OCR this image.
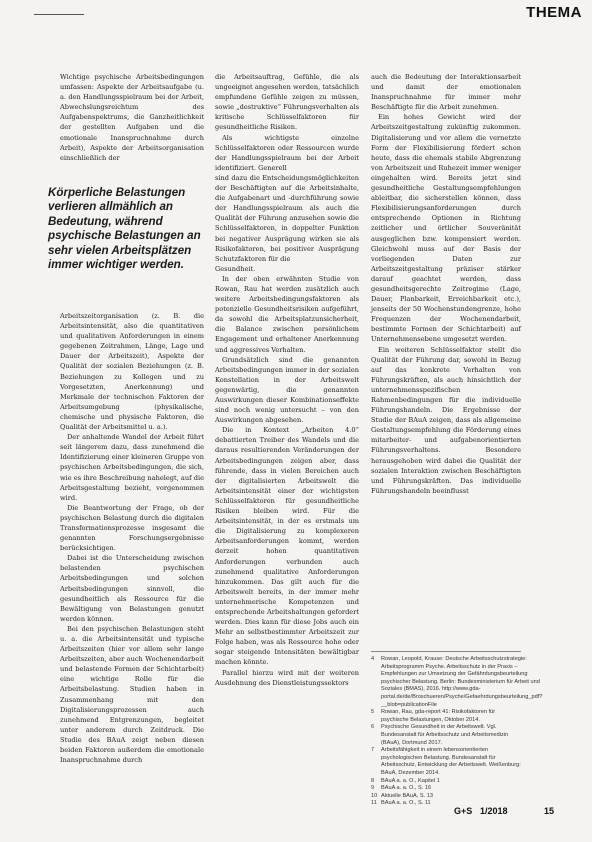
THEMA

Wichtige psychische Arbeitsbedingungen umfassen: Aspekte der Arbeitsaufgabe (u. a. den Handlungsspielraum bei der Arbeit, Abwechslungsreichtum des Aufgabenspektrums, die Ganzheitlichkeit der gestellten Aufgaben und die emotionale Inanspruchnahme durch Arbeit), Aspekte der Arbeitsorganisation einschließlich der

Körperliche Belastungen verlieren allmählich an Bedeutung, während psychische Belastungen an sehr vielen Arbeitsplätzen immer wichtiger werden.

Arbeitszeitorganisation (z. B. die Arbeitsintensität, also die quantitativen und qualitativen Anforderungen in einem gegebenen Zeitrahmen, Länge, Lage und Dauer der Arbeitszeit), Aspekte der Qualität der sozialen Beziehungen (z. B. Beziehungen zu Kollegen und zu Vorgesetzten, Anerkennung) und Merkmale der technischen Faktoren der Arbeitsumgebung (physikalische, chemische und physische Faktoren, die Qualität der Arbeitsmittel u. a.).

Der anhaltende Wandel der Arbeit führt seit längerem dazu, dass zunehmend die Identifizierung einer kleineren Gruppe von psychischen Arbeitsbedingungen, die sich, wie es ihre Beschreibung nahelegt, auf die Arbeitsgestaltung bezieht, vorgenommen wird.

Die Beantwortung der Frage, ob der psychischen Belastung durch die digitalen Transformationsprozesse insgesamt die genannten Forschungsergebnisse berücksichtigen.

Dabei ist die Unterscheidung zwischen belastenden psychischen Arbeitsbedingungen und solchen Arbeitsbedingungen sinnvoll, die gesundheitlich als Ressource für die Bewältigung von Belastungen genutzt werden können.

Bei den psychischen Belastungen steht u. a. die Arbeitsintensität und typische Arbeitszeiten (hier vor allem sehr lange Arbeitszeiten, aber auch Wochenendarbeit und belastende Formen der Schichtarbeit) eine wichtige Rolle für die Arbeitsbelastung. Studien haben in Zusammenhang mit den Digitalisierungsprozessen auch zunehmend Entgrenzungen, begleitet unter anderem durch Zeitdruck. Die Studie des BAuA zeigt neben diesen beiden Faktoren außerdem die emotionale Inanspruchnahme durch

die Arbeitsauftrag, Gefühle, die als ungeeignet angesehen werden, tatsächlich empfundene Gefühle zeigen zu müssen, sowie „destruktive“ Führungsverhalten als kritische Schlüsselfaktoren für gesundheitliche Risiken.

Als wichtigste einzelne Schlüsselfaktoren oder Ressourcen wurde der Handlungsspielraum bei der Arbeit identifiziert. Generell

sind dazu die Entscheidungsmöglichkeiten der Beschäftigten auf die Arbeitsinhalte, die Aufgabenart und -durchführung sowie der Handlungsspielraum als auch die Qualität der Führung anzusehen sowie die Schlüsselfaktoren, in doppelter Funktion bei negativer Ausprägung wirken sie als Risikofaktoren, bei positiver Ausprägung Schutzfaktoren für die

Gesundheit.

In der oben erwähnten Studie von Rowan, Rau hat werden zusätzlich auch weitere Arbeitsbedingungsfaktoren als potenzielle Gesundheitsrisiken aufgeführt, da sowohl die Arbeitsplatzunsicherheit, die Balance zwischen persönlichem Engagement und erhaltener Anerkennung und aggressives Verhalten.

Grundsätzlich sind die genannten Arbeitsbedingungen immer in der sozialen Konstellation in der Arbeitswelt gegenwärtig, die genannten Auswirkungen dieser Kombinationseffekte sind noch wenig untersucht – von den Auswirkungen abgesehen.

Die in Kontext „Arbeiten 4.0“ debattierten Treiber des Wandels und die daraus resultierenden Veränderungen der Arbeitsbedingungen zeigen aber, dass führende, dass in vielen Bereichen auch der digitalisierten Arbeitswelt die Arbeitsintensität einer der wichtigsten Schlüsselfaktoren für gesundheitliche Risiken bleiben wird. Für die Arbeitsintensität, in der es erstmals um die Digitalisierung zu komplexeren Arbeitsanforderungen kommt, werden derzeit hohen quantitativen Anforderungen verbunden auch zunehmend qualitative Anforderungen hinzukommen. Das gilt auch für die Arbeitswelt bereits, in der immer mehr unternehmerische Kompetenzen und entsprechende Arbeitshaltungen gefordert werden. Dies kann für diese Jobs auch ein Mehr an selbstbestimmter Arbeitszeit zur Folge haben, was als Ressource hohe oder sogar steigende Intensitäten bewältigbar machen könnte.

Parallel hierzu wird mit der weiteren Ausdehnung des Dienstleistungssektors

auch die Bedeutung der Interaktionsarbeit und damit der emotionalen Inanspruchnahme für immer mehr Beschäftigte für die Arbeit zunehmen.

Ein hohes Gewicht wird der Arbeitszeitgestaltung zukünftig zukommen. Digitalisierung und vor allem die vernetzte Form der Flexibilisierung fördert schon heute, dass die ehemals stabile Abgrenzung von Arbeitszeit und Ruhezeit immer weniger eingehalten wird. Bereits jetzt sind gesundheitliche Gestaltungsempfehlungen ableitbar, die sicherstellen können, dass Flexibilisierungsanforderungen durch entsprechende Optionen in Richtung zeitlicher und örtlicher Souveränität ausgeglichen bzw. kompensiert werden. Gleichwohl muss auf der Basis der vorliegenden Daten zur Arbeitszeitgestaltung präziser stärker darauf geachtet werden, dass gesundheitsgerechte Zeitregime (Lage, Dauer, Planbarkeit, Erreichbarkeit etc.), jenseits der 50 Wochenstundengrenze, hohe Frequenzen der Wochenendarbeit, bestimmte Formen der Schichtarbeit) auf Unternehmensebene umgesetzt werden.

Ein weiteren Schlüsselfaktor stellt die Qualität der Führung dar, sowohl in Bezug auf das konkrete Verhalten von Führungskräften, als auch hinsichtlich der unternehmensspezifischen Rahmenbedingungen für die individuelle Führungshandeln. Die Ergebnisse der Studie der BAuA zeigen, dass als allgemeine Gestaltungsempfehlung die Förderung eines mitarbeiter- und aufgabenorientierten Führungsverhaltens. Besondere herausgehoben wird dabei die Qualität der sozialen Interaktion zwischen Beschäftigten und Führungskräften. Das individuelle Führungshandeln beeinflusst

4	Rowan, Leopold, Krause: Deutsche Arbeitsschutzstrategie: Arbeitsprogramm Psyche. Arbeitsschutz in der Praxis – Empfehlungen zur Umsetzung der Gefährdungsbeurteilung psychischer Belastung. Berlin: Bundesministerium für Arbeit und Soziales (BMAS), 2016. http://www.gda-portal.de/de/Broschueren/Psyche/Gefaehrdungsbeurteilung_pdf?__blob=publicationFile
5	Rowan, Rau, gda-report 41: Risikofaktoren für psychische Belastungen, Oktober 2014.
6	Psychische Gesundheit in der Arbeitswelt. Vgl. Bundesanstalt für Arbeitsschutz und Arbeitsmedizin (BAuA), Dortmund 2017.
7	Arbeitsfähigkeit in einem lebensorientierten psychologischen Belastung. Bundesanstalt für Arbeitsschutz, Entwicklung der Arbeitswelt. Weißenburg: BAuA, Dezember 2014.
8	BAuA a. a. O., Kapitel 1
9	BAuA a. a. O., S. 16
10 Aktuelle BAuA, S. 13
11 BAuA a. a. O., S. 11
G+S 1/2018	15
